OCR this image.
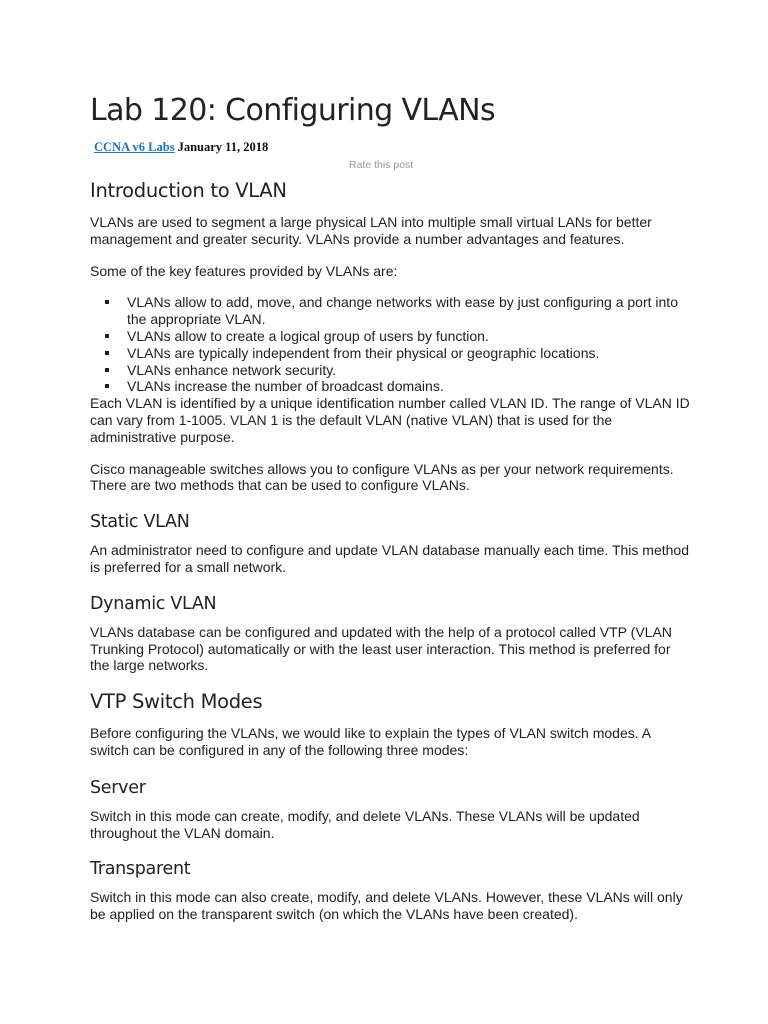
Lab 120: Configuring VLANs
CCNA v6 Labs January 11, 2018
Rate this post
Introduction to VLAN

VLANs are used to segment a large physical LAN into multiple small virtual LANs for better management and greater security. VLANs provide a number advantages and features.

Some of the key features provided by VLANs are:

VLANs allow to add, move, and change networks with ease by just configuring a port into the appropriate VLAN.
VLANs allow to create a logical group of users by function.
VLANs are typically independent from their physical or geographic locations.
VLANs enhance network security.
VLANs increase the number of broadcast domains.

Each VLAN is identified by a unique identification number called VLAN ID. The range of VLAN ID can vary from 1-1005. VLAN 1 is the default VLAN (native VLAN) that is used for the administrative purpose.

Cisco manageable switches allows you to configure VLANs as per your network requirements. There are two methods that can be used to configure VLANs.

Static VLAN

An administrator need to configure and update VLAN database manually each time. This method is preferred for a small network.

Dynamic VLAN

VLANs database can be configured and updated with the help of a protocol called VTP (VLAN Trunking Protocol) automatically or with the least user interaction. This method is preferred for the large networks.

VTP Switch Modes

Before configuring the VLANs, we would like to explain the types of VLAN switch modes. A switch can be configured in any of the following three modes:

Server

Switch in this mode can create, modify, and delete VLANs. These VLANs will be updated throughout the VLAN domain.

Transparent

Switch in this mode can also create, modify, and delete VLANs. However, these VLANs will only be applied on the transparent switch (on which the VLANs have been created).
